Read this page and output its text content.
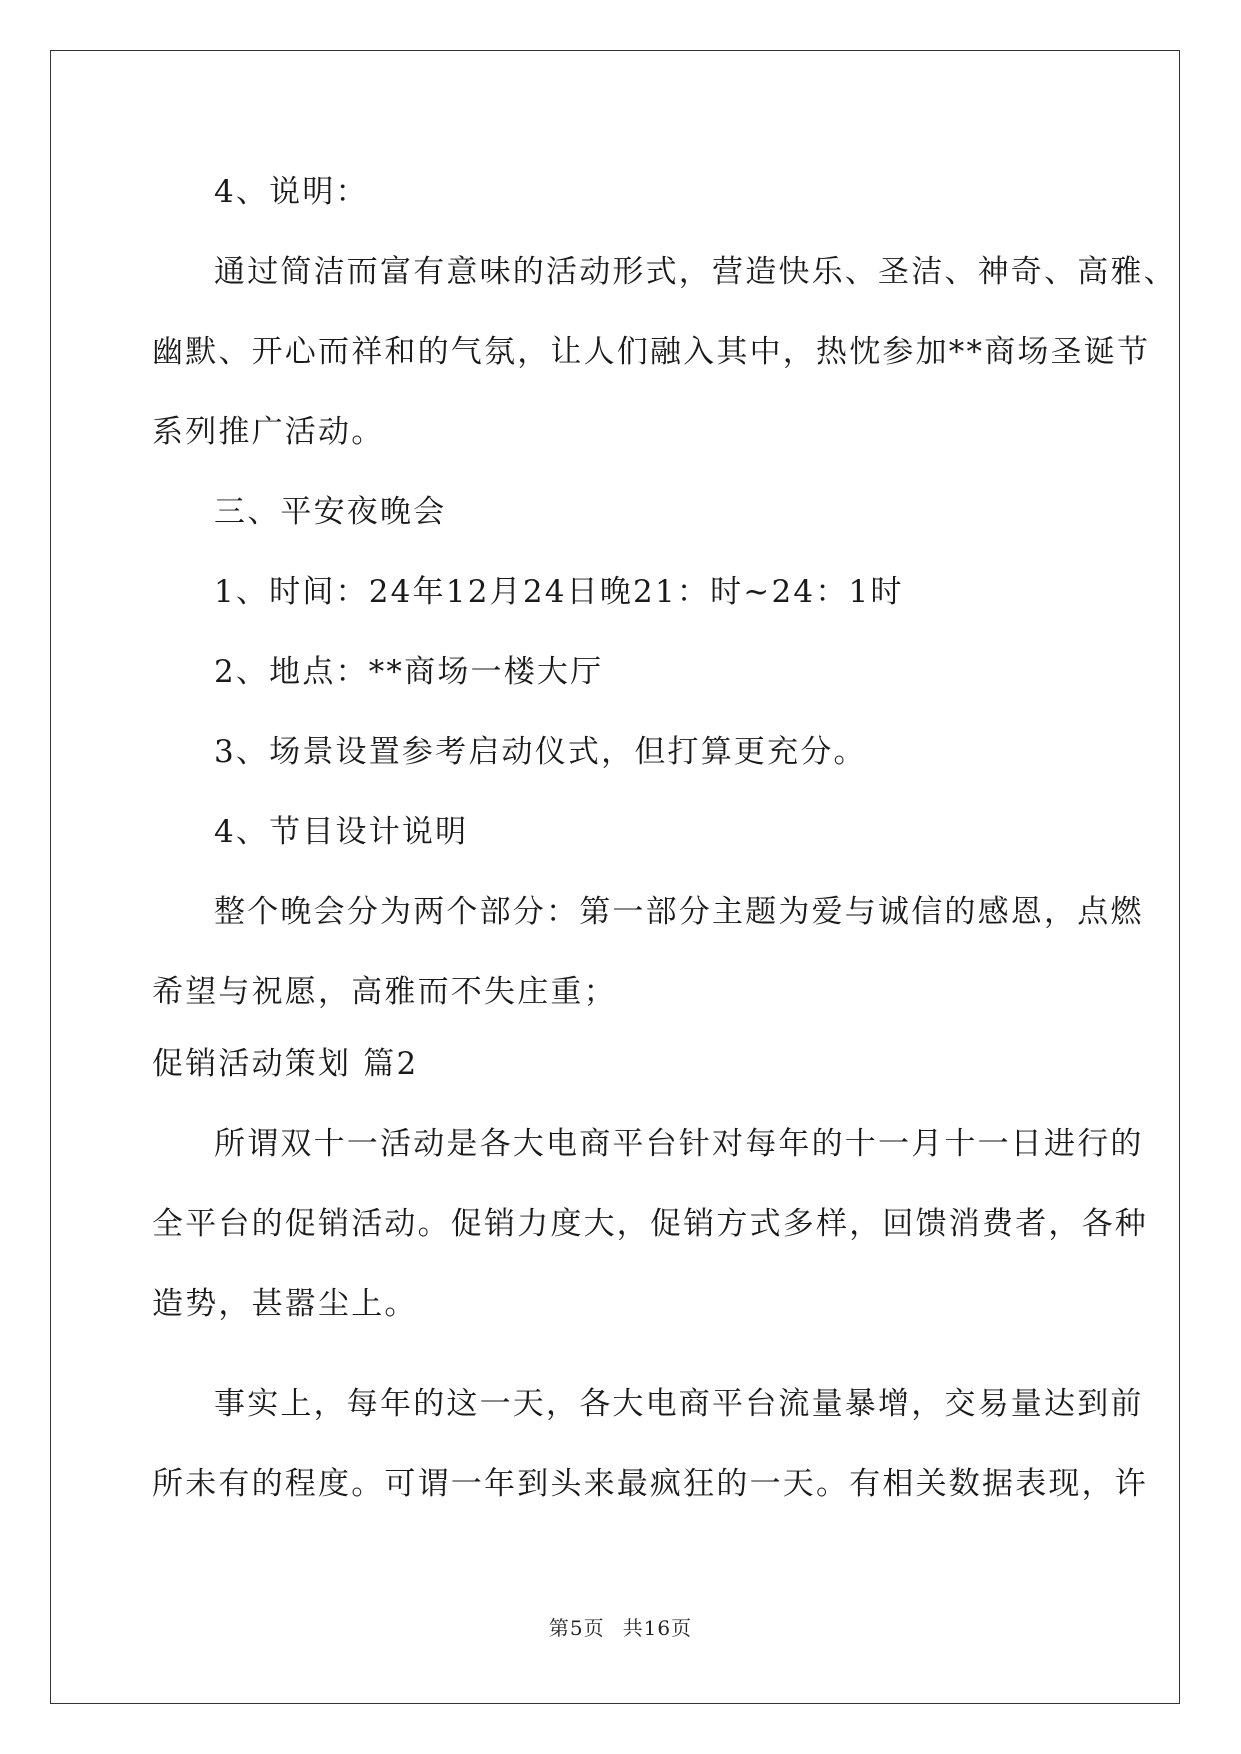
4、说明：
通过简洁而富有意味的活动形式，营造快乐、圣洁、神奇、高雅、
幽默、开心而祥和的气氛，让人们融入其中，热忱参加**商场圣诞节
系列推广活动。
三、平安夜晚会
1、时间：24年12月24日晚21：时~24：1时
2、地点：**商场一楼大厅
3、场景设置参考启动仪式，但打算更充分。
4、节目设计说明
整个晚会分为两个部分：第一部分主题为爱与诚信的感恩，点燃
希望与祝愿，高雅而不失庄重；
促销活动策划 篇2
所谓双十一活动是各大电商平台针对每年的十一月十一日进行的
全平台的促销活动。促销力度大，促销方式多样，回馈消费者，各种
造势，甚嚣尘上。
事实上，每年的这一天，各大电商平台流量暴增，交易量达到前
所未有的程度。可谓一年到头来最疯狂的一天。有相关数据表现，许
第5页 共16页
